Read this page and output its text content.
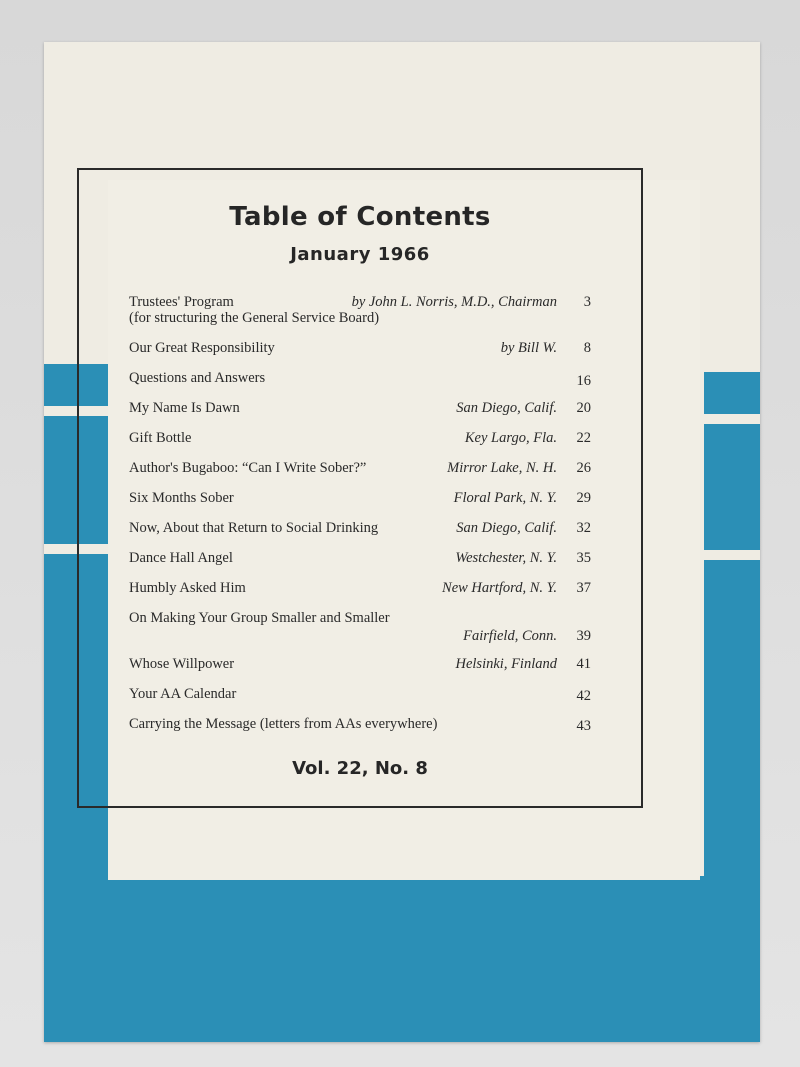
Table of Contents
January 1966
Trustees' Program	by John L. Norris, M.D., Chairman	3
(for structuring the General Service Board)
Our Great Responsibility	by Bill W.	8
Questions and Answers	16
My Name Is Dawn	San Diego, Calif.	20
Gift Bottle	Key Largo, Fla.	22
Author's Bugaboo: “Can I Write Sober?”	Mirror Lake, N. H.	26
Six Months Sober	Floral Park, N. Y.	29
Now, About that Return to Social Drinking	San Diego, Calif.	32
Dance Hall Angel	Westchester, N. Y.	35
Humbly Asked Him	New Hartford, N. Y.	37
On Making Your Group Smaller and Smaller
Fairfield, Conn.	39
Whose Willpower	Helsinki, Finland	41
Your AA Calendar	42
Carrying the Message (letters from AAs everywhere)	43
Vol. 22, No. 8
